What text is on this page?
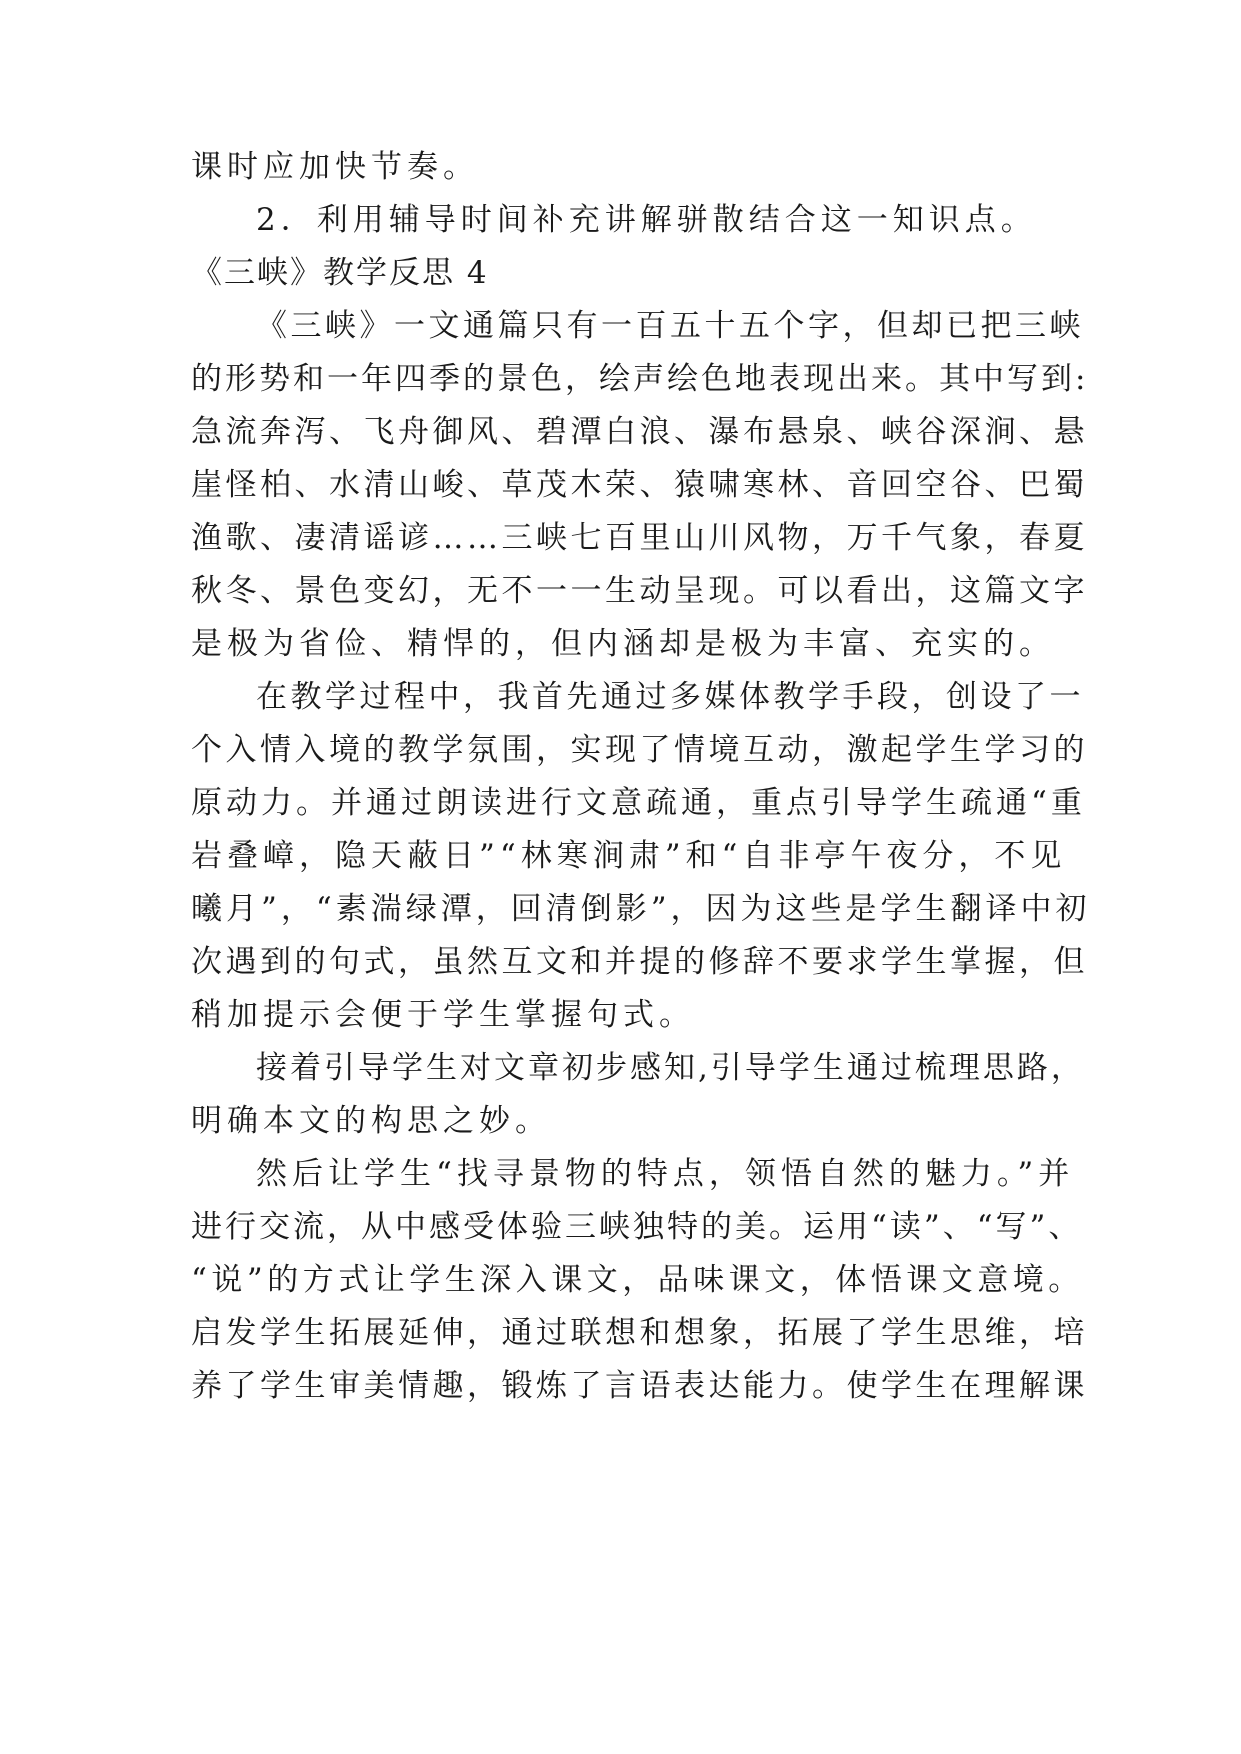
课时应加快节奏。
2．利用辅导时间补充讲解骈散结合这一知识点。
《三峡》教学反思 4
《三峡》一文通篇只有一百五十五个字，但却已把三峡
的形势和一年四季的景色，绘声绘色地表现出来。其中写到:
急流奔泻、飞舟御风、碧潭白浪、瀑布悬泉、峡谷深涧、悬
崖怪柏、水清山峻、草茂木荣、猿啸寒林、音回空谷、巴蜀
渔歌、凄清谣谚……三峡七百里山川风物，万千气象，春夏
秋冬、景色变幻，无不一一生动呈现。可以看出，这篇文字
是极为省俭、精悍的，但内涵却是极为丰富、充实的。
在教学过程中，我首先通过多媒体教学手段，创设了一
个入情入境的教学氛围，实现了情境互动，激起学生学习的
原动力。并通过朗读进行文意疏通，重点引导学生疏通“重
岩叠嶂，隐天蔽日”“林寒涧肃”和“自非亭午夜分，不见
曦月”，“素湍绿潭，回清倒影”，因为这些是学生翻译中初
次遇到的句式，虽然互文和并提的修辞不要求学生掌握，但
稍加提示会便于学生掌握句式。
接着引导学生对文章初步感知,引导学生通过梳理思路，
明确本文的构思之妙。
然后让学生“找寻景物的特点，领悟自然的魅力。”并
进行交流，从中感受体验三峡独特的美。运用“读”、“写”、
“说”的方式让学生深入课文，品味课文，体悟课文意境。
启发学生拓展延伸，通过联想和想象，拓展了学生思维，培
养了学生审美情趣，锻炼了言语表达能力。使学生在理解课
